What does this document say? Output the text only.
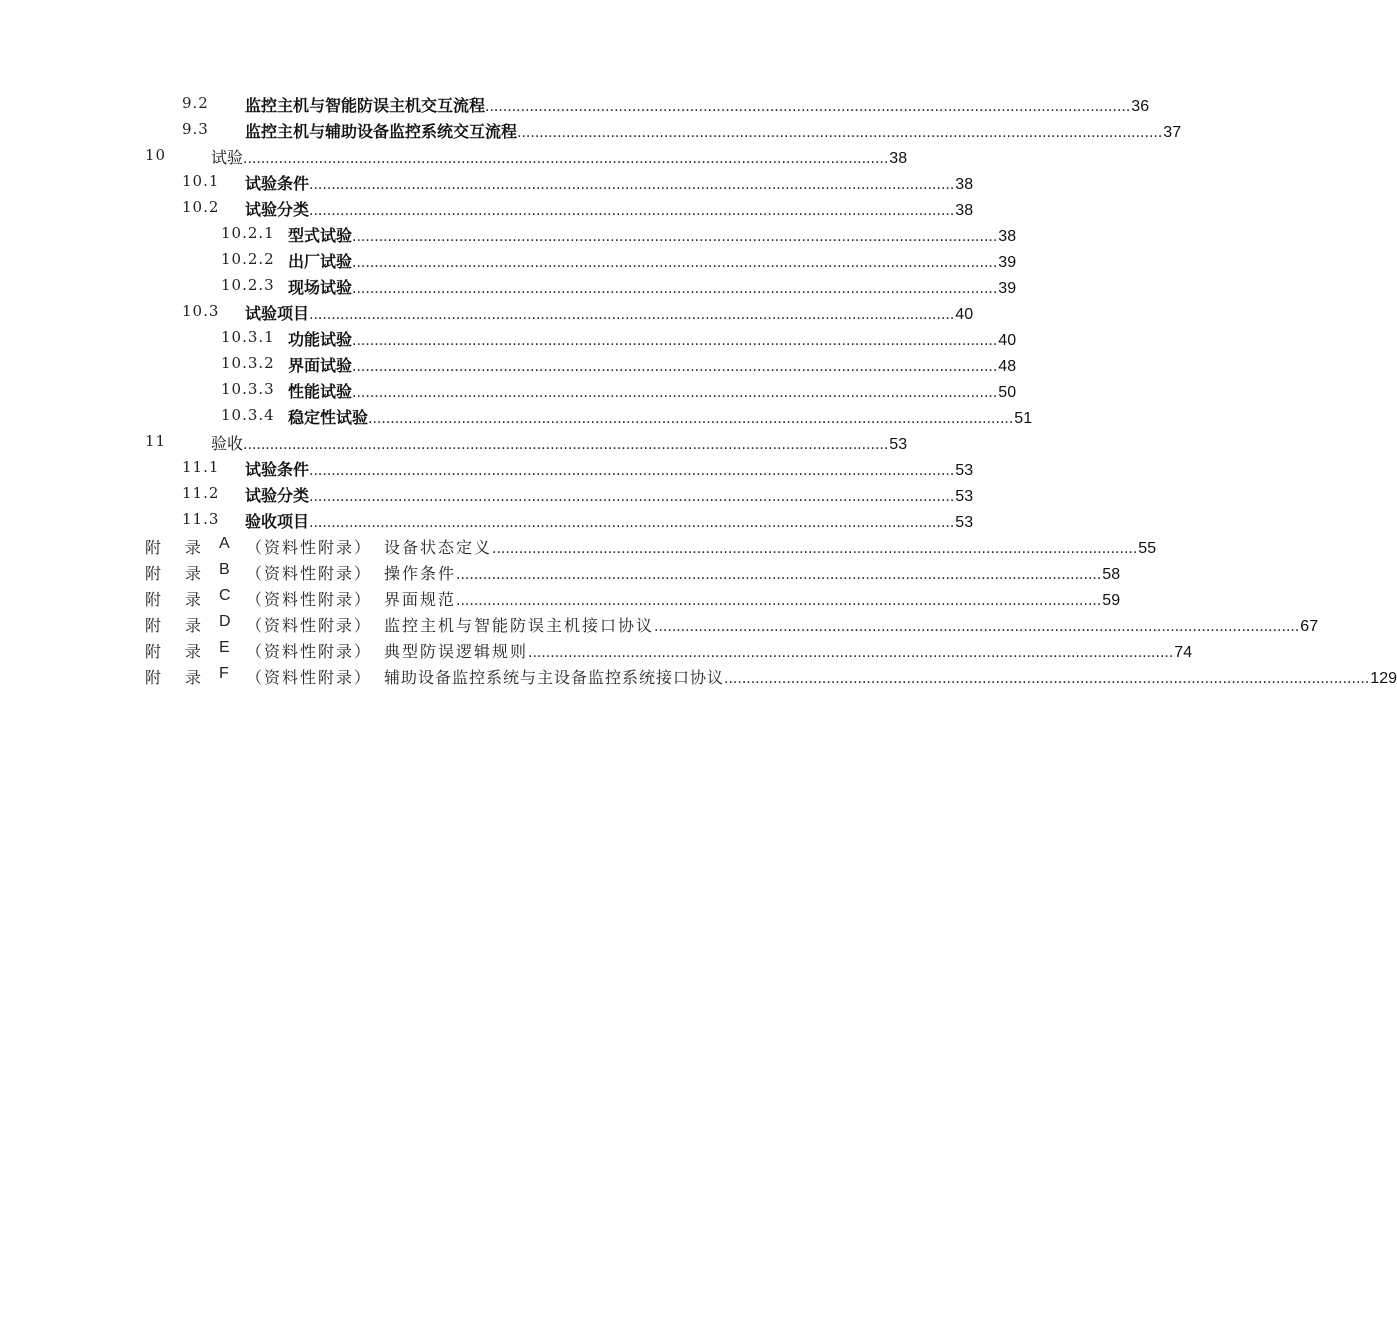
9.2 监控主机与智能防误主机交互流程 ................................................................................................................................................. 36
9.3 监控主机与辅助设备监控系统交互流程 ................................................................................................................................................. 37
10	试验 ................................................................................................................................................. 38
10.1 试验条件 ................................................................................................................................................. 38
10.2 试验分类 ................................................................................................................................................. 38
10.2.1 型式试验 ................................................................................................................................................. 38
10.2.2 出厂试验 ................................................................................................................................................. 39
10.2.3 现场试验 ................................................................................................................................................. 39
10.3 试验项目 ................................................................................................................................................. 40
10.3.1 功能试验 ................................................................................................................................................. 40
10.3.2 界面试验 ................................................................................................................................................. 48
10.3.3 性能试验 ................................................................................................................................................. 50
10.3.4 稳定性试验 ................................................................................................................................................. 51
11	验收 ................................................................................................................................................. 53
11.1 试验条件 ................................................................................................................................................. 53
11.2 试验分类 ................................................................................................................................................. 53
11.3 验收项目 ................................................................................................................................................. 53
附 录 A （资料性附录） 设备状态定义 ................................................................................................................................................. 55
附 录 B （资料性附录） 操作条件 ................................................................................................................................................. 58
附 录 C （资料性附录） 界面规范 ................................................................................................................................................. 59
附 录 D （资料性附录） 监控主机与智能防误主机接口协议 ................................................................................................................................................. 67
附 录 E （资料性附录） 典型防误逻辑规则 ................................................................................................................................................. 74
附 录 F （资料性附录） 辅助设备监控系统与主设备监控系统接口协议 ................................................................................................................................................. 129
